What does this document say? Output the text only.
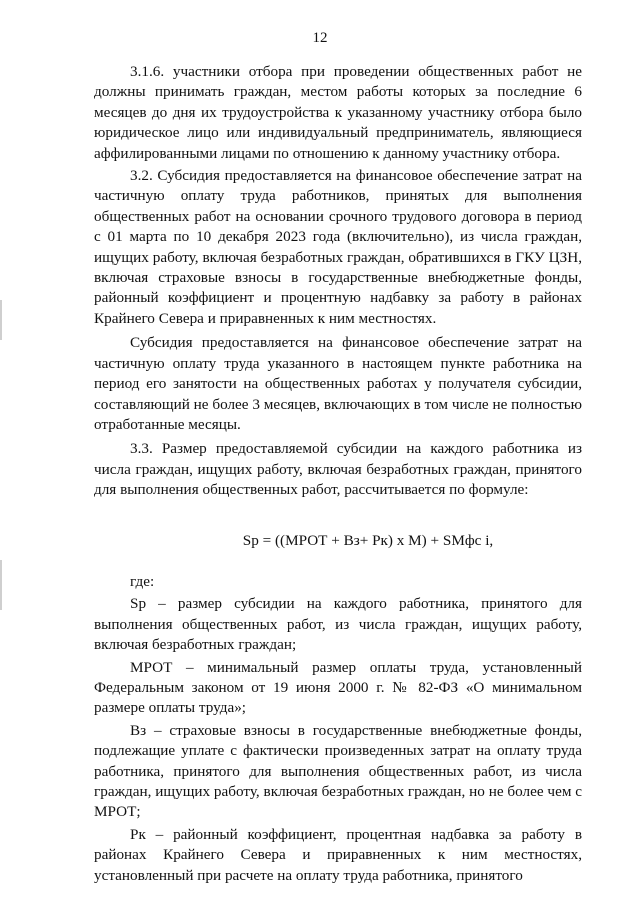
12

3.1.6. участники отбора при проведении общественных работ не должны принимать граждан, местом работы которых за последние 6 месяцев до дня их трудоустройства к указанному участнику отбора было юридическое лицо или индивидуальный предприниматель, являющиеся аффилированными лицами по отношению к данному участнику отбора.

3.2. Субсидия предоставляется на финансовое обеспечение затрат на частичную оплату труда работников, принятых для выполнения общественных работ на основании срочного трудового договора в период с 01 марта по 10 декабря 2023 года (включительно), из числа граждан, ищущих работу, включая безработных граждан, обратившихся в ГКУ ЦЗН, включая страховые взносы в государственные внебюджетные фонды, районный коэффициент и процентную надбавку за работу в районах Крайнего Севера и приравненных к ним местностях.

Субсидия предоставляется на финансовое обеспечение затрат на частичную оплату труда указанного в настоящем пункте работника на период его занятости на общественных работах у получателя субсидии, составляющий не более 3 месяцев, включающих в том числе не полностью отработанные месяцы.

3.3. Размер предоставляемой субсидии на каждого работника из числа граждан, ищущих работу, включая безработных граждан, принятого для выполнения общественных работ, рассчитывается по формуле:

Sp = ((МРОТ + Вз+ Рк) х М) + SМфс i,

где:

Sp – размер субсидии на каждого работника, принятого для выполнения общественных работ, из числа граждан, ищущих работу, включая безработных граждан;

МРОТ – минимальный размер оплаты труда, установленный Федеральным законом от 19 июня 2000 г. № 82-ФЗ «О минимальном размере оплаты труда»;

Вз – страховые взносы в государственные внебюджетные фонды, подлежащие уплате с фактически произведенных затрат на оплату труда работника, принятого для выполнения общественных работ, из числа граждан, ищущих работу, включая безработных граждан, но не более чем с МРОТ;

Рк – районный коэффициент, процентная надбавка за работу в районах Крайнего Севера и приравненных к ним местностях, установленный при расчете на оплату труда работника, принятого
